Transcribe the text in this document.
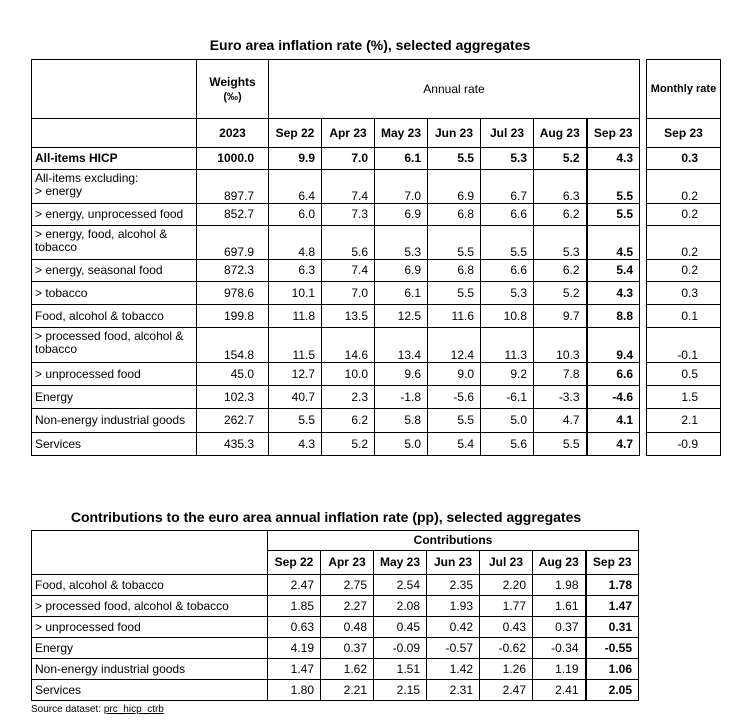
Euro area inflation rate (%), selected aggregates

	Weights
(‰)	Annual rate								Monthly rate
	2023	Sep 22	Apr 23	May 23	Jun 23	Jul 23	Aug 23	Sep 23		Sep 23
All-items HICP	1000.0	9.9	7.0	6.1	5.5	5.3	5.2	4.3		0.3

All-items excluding:
> energy	897.7	6.4	7.4	7.0	6.9	6.7	6.3	5.5		0.2
> energy, unprocessed food	852.7	6.0	7.3	6.9	6.8	6.6	6.2	5.5		0.2

> energy, food, alcohol &
tobacco	697.9	4.8	5.6	5.3	5.5	5.5	5.3	4.5		0.2
> energy, seasonal food	872.3	6.3	7.4	6.9	6.8	6.6	6.2	5.4		0.2
> tobacco	978.6	10.1	7.0	6.1	5.5	5.3	5.2	4.3		0.3
Food, alcohol & tobacco	199.8	11.8	13.5	12.5	11.6	10.8	9.7	8.8		0.1

> processed food, alcohol &
tobacco	154.8	11.5	14.6	13.4	12.4	11.3	10.3	9.4		-0.1
> unprocessed food	45.0	12.7	10.0	9.6	9.0	9.2	7.8	6.6		0.5
Energy	102.3	40.7	2.3	-1.8	-5.6	-6.1	-3.3	-4.6		1.5
Non-energy industrial goods	262.7	5.5	6.2	5.8	5.5	5.0	4.7	4.1		2.1
Services	435.3	4.3	5.2	5.0	5.4	5.6	5.5	4.7		-0.9
Contributions to the euro area annual inflation rate (pp), selected aggregates
	Contributions						
	Sep 22	Apr 23	May 23	Jun 23	Jul 23	Aug 23	Sep 23
Food, alcohol & tobacco	2.47	2.75	2.54	2.35	2.20	1.98	1.78
> processed food, alcohol & tobacco	1.85	2.27	2.08	1.93	1.77	1.61	1.47
> unprocessed food	0.63	0.48	0.45	0.42	0.43	0.37	0.31
Energy	4.19	0.37	-0.09	-0.57	-0.62	-0.34	-0.55
Non-energy industrial goods	1.47	1.62	1.51	1.42	1.26	1.19	1.06
Services	1.80	2.21	2.15	2.31	2.47	2.41	2.05
Source dataset: prc_hicp_ctrb
